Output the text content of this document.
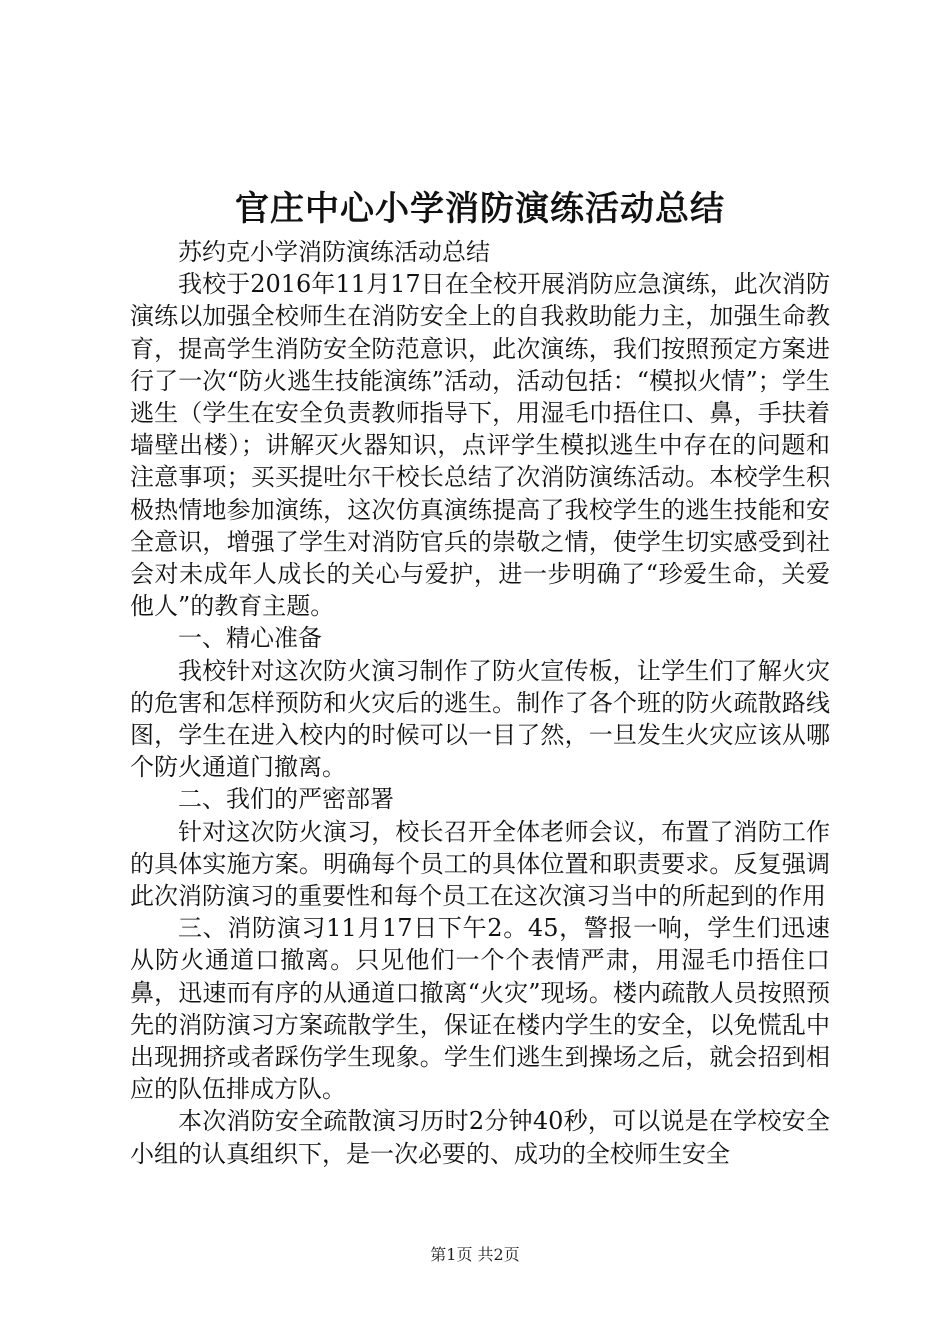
官庄中心小学消防演练活动总结

苏约克小学消防演练活动总结

我校于2016年11月17日在全校开展消防应急演练，此次消防演练以加强全校师生在消防安全上的自我救助能力主，加强生命教育，提高学生消防安全防范意识，此次演练，我们按照预定方案进行了一次“防火逃生技能演练”活动，活动包括：“模拟火情”；学生逃生（学生在安全负责教师指导下，用湿毛巾捂住口、鼻，手扶着墙壁出楼）；讲解灭火器知识，点评学生模拟逃生中存在的问题和注意事项；买买提吐尔干校长总结了次消防演练活动。本校学生积极热情地参加演练，这次仿真演练提高了我校学生的逃生技能和安全意识，增强了学生对消防官兵的崇敬之情，使学生切实感受到社会对未成年人成长的关心与爱护，进一步明确了“珍爱生命，关爱他人”的教育主题。

一、精心准备

我校针对这次防火演习制作了防火宣传板，让学生们了解火灾的危害和怎样预防和火灾后的逃生。制作了各个班的防火疏散路线图，学生在进入校内的时候可以一目了然，一旦发生火灾应该从哪个防火通道门撤离。

二、我们的严密部署

针对这次防火演习，校长召开全体老师会议，布置了消防工作的具体实施方案。明确每个员工的具体位置和职责要求。反复强调此次消防演习的重要性和每个员工在这次演习当中的所起到的作用

三、消防演习11月17日下午2。45，警报一响，学生们迅速从防火通道口撤离。只见他们一个个表情严肃，用湿毛巾捂住口鼻，迅速而有序的从通道口撤离“火灾”现场。楼内疏散人员按照预先的消防演习方案疏散学生，保证在楼内学生的安全，以免慌乱中出现拥挤或者踩伤学生现象。学生们逃生到操场之后，就会招到相应的队伍排成方队。

本次消防安全疏散演习历时2分钟40秒，可以说是在学校安全小组的认真组织下，是一次必要的、成功的全校师生安全

第1页 共2页
